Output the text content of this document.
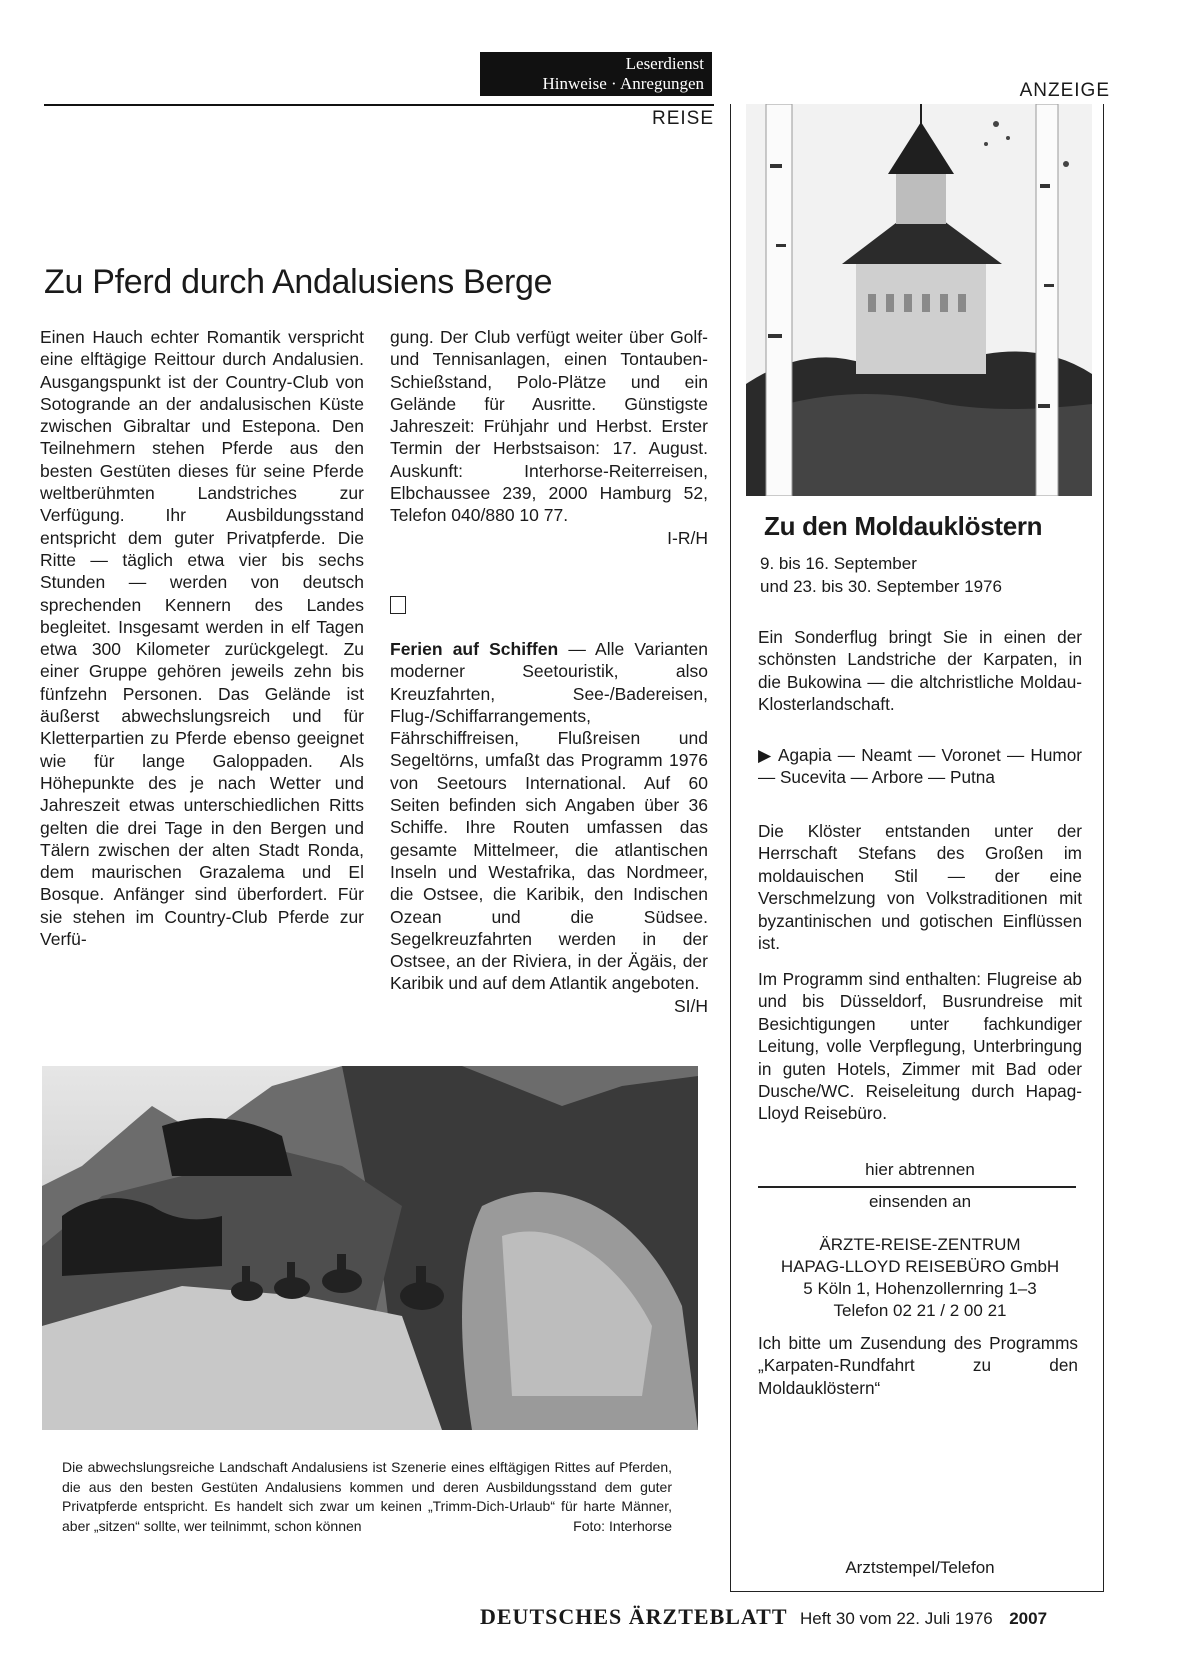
Leserdienst
Hinweise · Anregungen
REISE
ANZEIGE
Zu Pferd durch Andalusiens Berge

Einen Hauch echter Romantik verspricht eine elftägige Reittour durch Andalusien. Ausgangspunkt ist der Country-Club von Sotogrande an der andalusischen Küste zwischen Gibraltar und Estepona. Den Teilnehmern stehen Pferde aus den besten Gestüten dieses für seine Pferde weltberühmten Landstriches zur Verfügung. Ihr Ausbildungsstand entspricht dem guter Privatpferde. Die Ritte — täglich etwa vier bis sechs Stunden — werden von deutsch sprechenden Kennern des Landes begleitet. Insgesamt werden in elf Tagen etwa 300 Kilometer zurückgelegt. Zu einer Gruppe gehören jeweils zehn bis fünfzehn Personen. Das Gelände ist äußerst abwechslungsreich und für Kletterpartien zu Pferde ebenso geeignet wie für lange Galoppaden. Als Höhepunkte des je nach Wetter und Jahreszeit etwas unterschiedlichen Ritts gelten die drei Tage in den Bergen und Tälern zwischen der alten Stadt Ronda, dem maurischen Grazalema und El Bosque. Anfänger sind überfordert. Für sie stehen im Country-Club Pferde zur Verfü-

gung. Der Club verfügt weiter über Golf- und Tennisanlagen, einen Tontauben-Schießstand, Polo-Plätze und ein Gelände für Ausritte. Günstigste Jahreszeit: Frühjahr und Herbst. Erster Termin der Herbstsaison: 17. August. Auskunft: Interhorse-Reiterreisen, Elbchaussee 239, 2000 Hamburg 52, Telefon 040/880 10 77.

I-R/H

Ferien auf Schiffen — Alle Varianten moderner Seetouristik, also Kreuzfahrten, See-/Badereisen, Flug-/Schiffarrangements, Fährschiffreisen, Flußreisen und Segeltörns, umfaßt das Programm 1976 von Seetours International. Auf 60 Seiten befinden sich Angaben über 36 Schiffe. Ihre Routen umfassen das gesamte Mittelmeer, die atlantischen Inseln und Westafrika, das Nordmeer, die Ostsee, die Karibik, den Indischen Ozean und die Südsee. Segelkreuzfahrten werden in der Ostsee, an der Riviera, in der Ägäis, der Karibik und auf dem Atlantik angeboten.

SI/H

Die abwechslungsreiche Landschaft Andalusiens ist Szenerie eines elftägigen Rittes auf Pferden, die aus den besten Gestüten Andalusiens kommen und deren Ausbildungsstand dem guter Privatpferde entspricht. Es handelt sich zwar um keinen „Trimm-Dich-Urlaub“ für harte Männer, aber „sitzen“ sollte, wer teilnimmt, schon können	Foto: Interhorse
Zu den Moldauklöstern
9. bis 16. September
und 23. bis 30. September 1976
Ein Sonderflug bringt Sie in einen der schönsten Landstriche der Karpaten, in die Bukowina — die altchristliche Moldau-Klosterlandschaft.
▶ Agapia — Neamt — Voronet — Humor — Sucevita — Arbore — Putna
Die Klöster entstanden unter der Herrschaft Stefans des Großen im moldauischen Stil — der eine Verschmelzung von Volkstraditionen mit byzantinischen und gotischen Einflüssen ist.
Im Programm sind enthalten: Flugreise ab und bis Düsseldorf, Busrundreise mit Besichtigungen unter fachkundiger Leitung, volle Verpflegung, Unterbringung in guten Hotels, Zimmer mit Bad oder Dusche/WC. Reiseleitung durch Hapag-Lloyd Reisebüro.
hier abtrennen
einsenden an
ÄRZTE-REISE-ZENTRUM
HAPAG-LLOYD REISEBÜRO GmbH
5 Köln 1, Hohenzollernring 1–3
Telefon 02 21 / 2 00 21
Ich bitte um Zusendung des Programms „Karpaten-Rundfahrt zu den Moldauklöstern“
Arztstempel/Telefon
DEUTSCHES ÄRZTEBLATT Heft 30 vom 22. Juli 1976 2007
